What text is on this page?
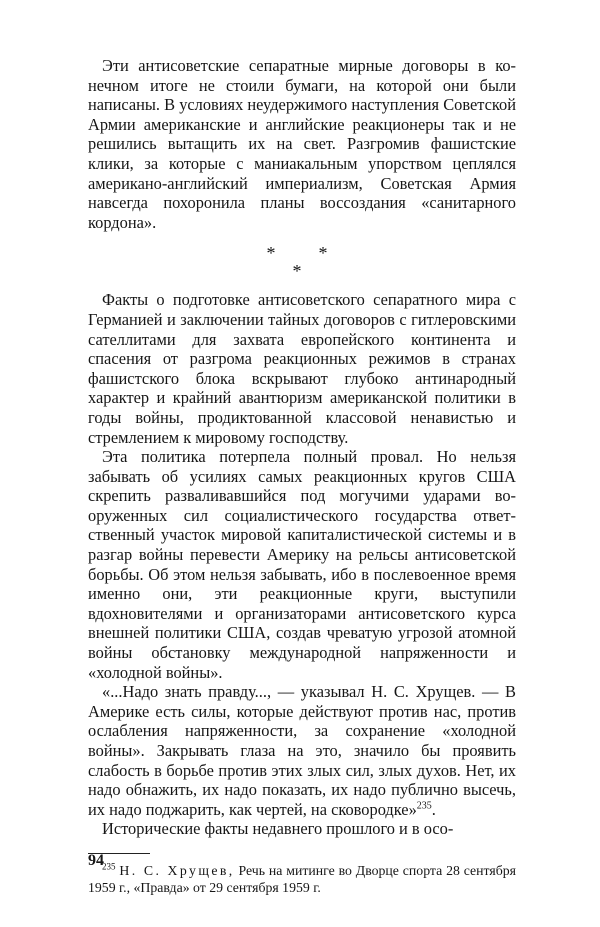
Эти антисоветские сепаратные мирные договоры в конечном итоге не стоили бумаги, на которой они были написаны. В условиях неудержимого наступления Советской Армии американские и английские реакционеры так и не решились вытащить их на свет. Разгромив фашистские клики, за которые с маниакальным упорством цеплялся американо-английский империализм, Советская Армия навсегда похоронила планы воссоздания «санитарного кордона».

* *
*

Факты о подготовке антисоветского сепаратного мира с Германией и заключении тайных договоров с гитлеровскими сателлитами для захвата европейского континента и спасения от разгрома реакционных режимов в странах фашистского блока вскрывают глубоко антинародный характер и крайний авантюризм американской политики в годы войны, продиктованной классовой ненавистью и стремлением к мировому господству.

Эта политика потерпела полный провал. Но нельзя забывать об усилиях самых реакционных кругов США скрепить разваливавшийся под могучими ударами вооруженных сил социалистического государства ответственный участок мировой капиталистической системы и в разгар войны перевести Америку на рельсы антисоветской борьбы. Об этом нельзя забывать, ибо в послевоенное время именно они, эти реакционные круги, выступили вдохновителями и организаторами антисоветского курса внешней политики США, создав чреватую угрозой атомной войны обстановку международной напряженности и «холодной войны».

«...Надо знать правду..., — указывал Н. С. Хрущев. — В Америке есть силы, которые действуют против нас, против ослабления напряженности, за сохранение «холодной войны». Закрывать глаза на это, значило бы проявить слабость в борьбе против этих злых сил, злых духов. Нет, их надо обнажить, их надо показать, их надо публично высечь, их надо поджарить, как чертей, на сковородке»$^{235}$.

Исторические факты недавнего прошлого и в осо-

$^{235}$ Н. С. Хрущев, Речь на митинге во Дворце спорта 28 сентября 1959 г., «Правда» от 29 сентября 1959 г.

94
